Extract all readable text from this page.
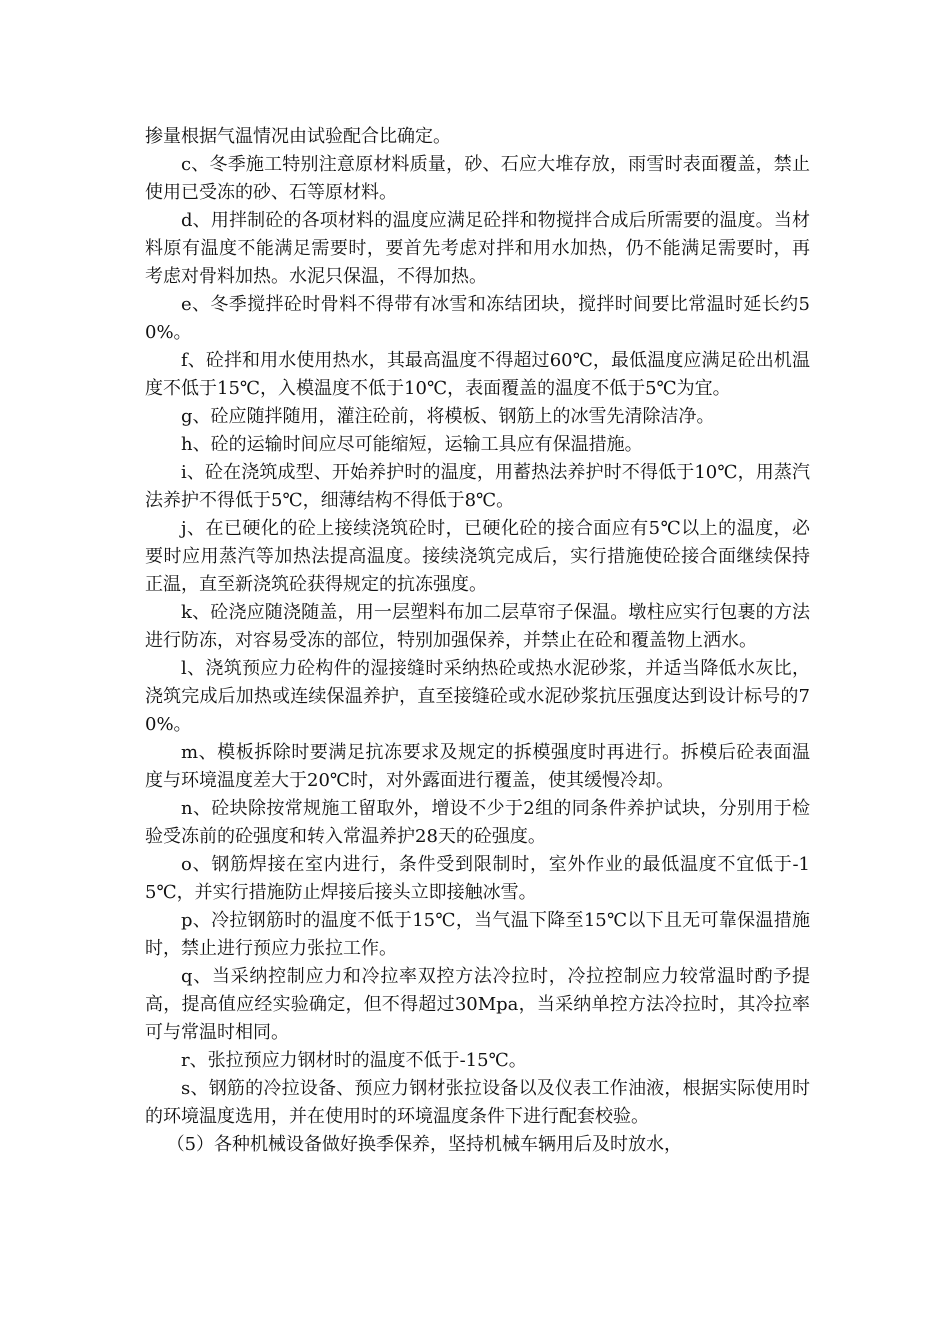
掺量根据气温情况由试验配合比确定。

c、冬季施工特别注意原材料质量，砂、石应大堆存放，雨雪时表面覆盖，禁止使用已受冻的砂、石等原材料。

d、用拌制砼的各项材料的温度应满足砼拌和物搅拌合成后所需要的温度。当材料原有温度不能满足需要时，要首先考虑对拌和用水加热，仍不能满足需要时，再考虑对骨料加热。水泥只保温，不得加热。

e、冬季搅拌砼时骨料不得带有冰雪和冻结团块，搅拌时间要比常温时延长约50%。

f、砼拌和用水使用热水，其最高温度不得超过60℃，最低温度应满足砼出机温度不低于15℃，入模温度不低于10℃，表面覆盖的温度不低于5℃为宜。

g、砼应随拌随用，灌注砼前，将模板、钢筋上的冰雪先清除洁净。

h、砼的运输时间应尽可能缩短，运输工具应有保温措施。

i、砼在浇筑成型、开始养护时的温度，用蓄热法养护时不得低于10℃，用蒸汽法养护不得低于5℃，细薄结构不得低于8℃。

j、在已硬化的砼上接续浇筑砼时，已硬化砼的接合面应有5℃以上的温度，必要时应用蒸汽等加热法提高温度。接续浇筑完成后，实行措施使砼接合面继续保持正温，直至新浇筑砼获得规定的抗冻强度。

k、砼浇应随浇随盖，用一层塑料布加二层草帘子保温。墩柱应实行包裹的方法进行防冻，对容易受冻的部位，特别加强保养，并禁止在砼和覆盖物上洒水。

l、浇筑预应力砼构件的湿接缝时采纳热砼或热水泥砂浆，并适当降低水灰比，浇筑完成后加热或连续保温养护，直至接缝砼或水泥砂浆抗压强度达到设计标号的70%。

m、模板拆除时要满足抗冻要求及规定的拆模强度时再进行。拆模后砼表面温度与环境温度差大于20℃时，对外露面进行覆盖，使其缓慢冷却。

n、砼块除按常规施工留取外，增设不少于2组的同条件养护试块，分别用于检验受冻前的砼强度和转入常温养护28天的砼强度。

o、钢筋焊接在室内进行，条件受到限制时，室外作业的最低温度不宜低于-15℃，并实行措施防止焊接后接头立即接触冰雪。

p、冷拉钢筋时的温度不低于15℃，当气温下降至15℃以下且无可靠保温措施时，禁止进行预应力张拉工作。

q、当采纳控制应力和冷拉率双控方法冷拉时，冷拉控制应力较常温时酌予提高，提高值应经实验确定，但不得超过30Mpa，当采纳单控方法冷拉时，其冷拉率可与常温时相同。

r、张拉预应力钢材时的温度不低于-15℃。

s、钢筋的冷拉设备、预应力钢材张拉设备以及仪表工作油液，根据实际使用时的环境温度选用，并在使用时的环境温度条件下进行配套校验。

（5）各种机械设备做好换季保养，坚持机械车辆用后及时放水，
